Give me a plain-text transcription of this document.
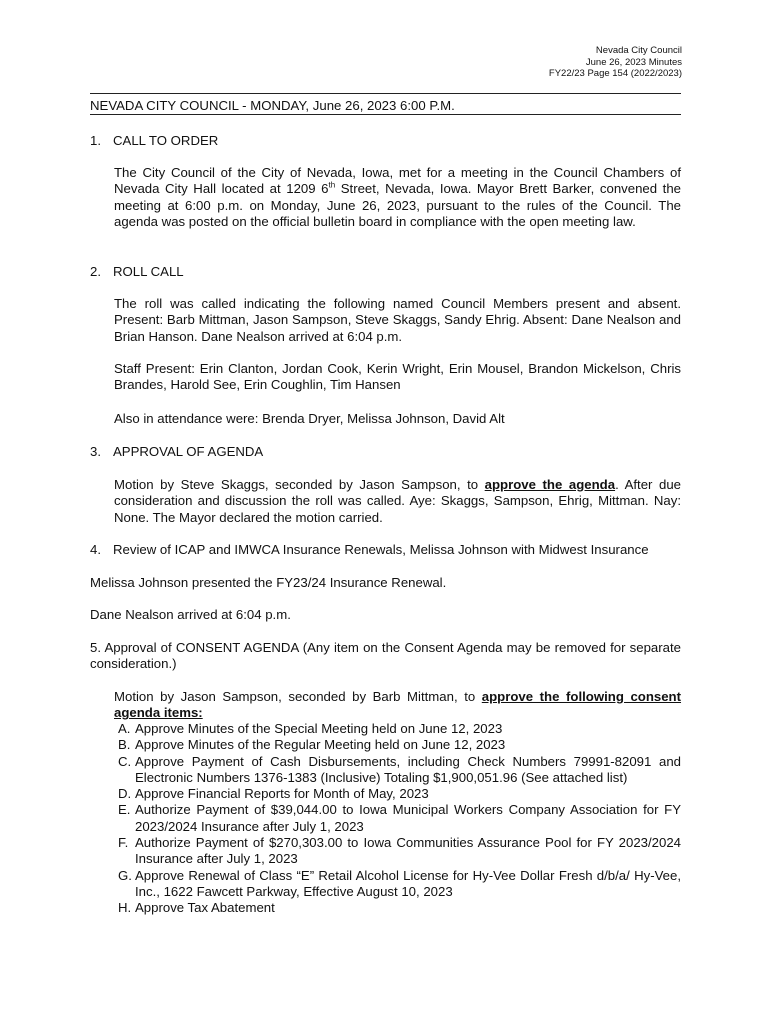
Nevada City Council
June 26, 2023 Minutes
FY22/23 Page 154 (2022/2023)
NEVADA CITY COUNCIL - MONDAY, June 26, 2023 6:00 P.M.
1. CALL TO ORDER
The City Council of the City of Nevada, Iowa, met for a meeting in the Council Chambers of Nevada City Hall located at 1209 6th Street, Nevada, Iowa. Mayor Brett Barker, convened the meeting at 6:00 p.m. on Monday, June 26, 2023, pursuant to the rules of the Council. The agenda was posted on the official bulletin board in compliance with the open meeting law.
2. ROLL CALL
The roll was called indicating the following named Council Members present and absent. Present: Barb Mittman, Jason Sampson, Steve Skaggs, Sandy Ehrig. Absent: Dane Nealson and Brian Hanson. Dane Nealson arrived at 6:04 p.m.
Staff Present: Erin Clanton, Jordan Cook, Kerin Wright, Erin Mousel, Brandon Mickelson, Chris Brandes, Harold See, Erin Coughlin, Tim Hansen
Also in attendance were: Brenda Dryer, Melissa Johnson, David Alt
3. APPROVAL OF AGENDA
Motion by Steve Skaggs, seconded by Jason Sampson, to approve the agenda. After due consideration and discussion the roll was called. Aye: Skaggs, Sampson, Ehrig, Mittman. Nay: None. The Mayor declared the motion carried.
4. Review of ICAP and IMWCA Insurance Renewals, Melissa Johnson with Midwest Insurance
Melissa Johnson presented the FY23/24 Insurance Renewal.
Dane Nealson arrived at 6:04 p.m.
5. Approval of CONSENT AGENDA (Any item on the Consent Agenda may be removed for separate consideration.)
Motion by Jason Sampson, seconded by Barb Mittman, to approve the following consent agenda items:
A. Approve Minutes of the Special Meeting held on June 12, 2023
B. Approve Minutes of the Regular Meeting held on June 12, 2023
C. Approve Payment of Cash Disbursements, including Check Numbers 79991-82091 and Electronic Numbers 1376-1383 (Inclusive) Totaling $1,900,051.96 (See attached list)
D. Approve Financial Reports for Month of May, 2023
E. Authorize Payment of $39,044.00 to Iowa Municipal Workers Company Association for FY 2023/2024 Insurance after July 1, 2023
F. Authorize Payment of $270,303.00 to Iowa Communities Assurance Pool for FY 2023/2024 Insurance after July 1, 2023
G. Approve Renewal of Class “E” Retail Alcohol License for Hy-Vee Dollar Fresh d/b/a/ Hy-Vee, Inc., 1622 Fawcett Parkway, Effective August 10, 2023
H. Approve Tax Abatement
